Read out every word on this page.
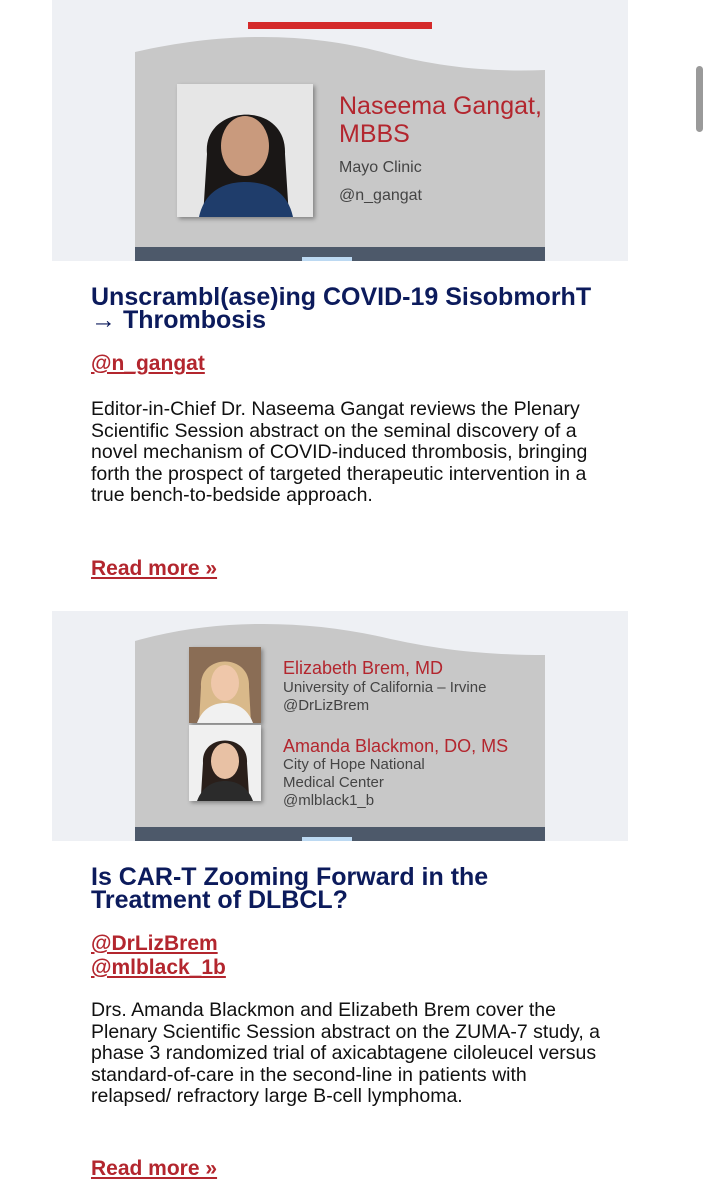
Naseema Gangat,
MBBS
Mayo Clinic
@n_gangat
Unscrambl(ase)ing COVID-19 SisobmorhT → Thrombosis
@n_gangat

Editor-in-Chief Dr. Naseema Gangat reviews the Plenary Scientific Session abstract on the seminal discovery of a novel mechanism of COVID-induced thrombosis, bringing forth the prospect of targeted therapeutic intervention in a true bench-to-bedside approach.

Read more »
Elizabeth Brem, MD
University of California – Irvine
@DrLizBrem
Amanda Blackmon, DO, MS
City of Hope National
Medical Center
@mlblack1_b
Is CAR-T Zooming Forward in the Treatment of DLBCL?
@DrLizBrem
@mlblack_1b

Drs. Amanda Blackmon and Elizabeth Brem cover the Plenary Scientific Session abstract on the ZUMA-7 study, a phase 3 randomized trial of axicabtagene ciloleucel versus standard-of-care in the second-line in patients with relapsed/ refractory large B-cell lymphoma.

Read more »
